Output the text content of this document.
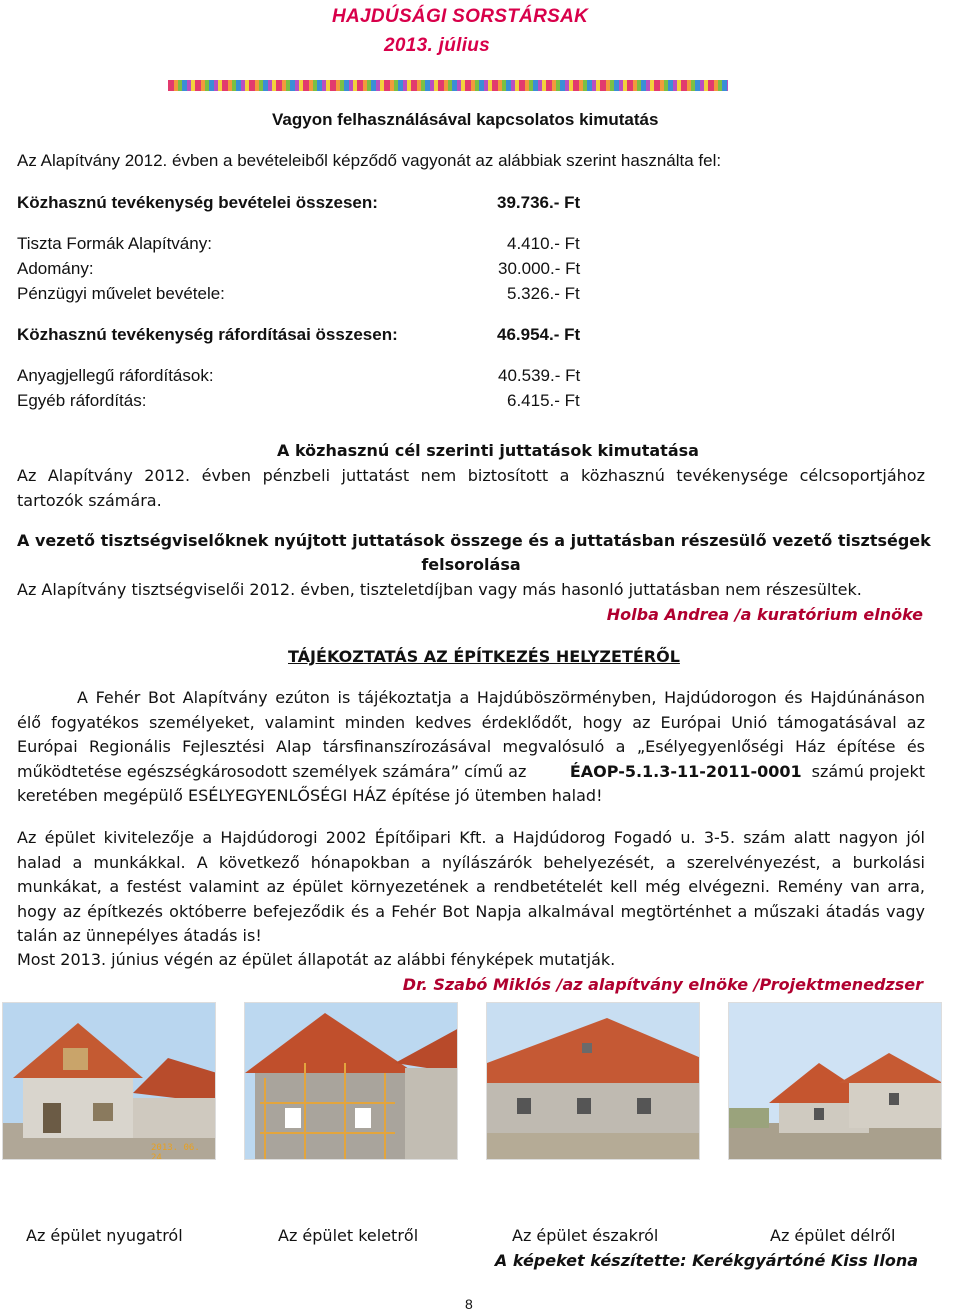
HAJDÚSÁGI SORSTÁRSAK
2013. július
Vagyon felhasználásával kapcsolatos kimutatás
Az Alapítvány 2012. évben a bevételeiből képződő vagyonát az alábbiak szerint használta fel:
Közhasznú tevékenység bevételei összesen:	39.736.- Ft
Tiszta Formák Alapítvány:	4.410.- Ft
Adomány:	30.000.- Ft
Pénzügyi művelet bevétele:	5.326.- Ft
Közhasznú tevékenység ráfordításai összesen:	46.954.- Ft
Anyagjellegű ráfordítások:	40.539.- Ft
Egyéb ráfordítás:	6.415.- Ft
A közhasznú cél szerinti juttatások kimutatása
Az Alapítvány 2012. évben pénzbeli juttatást nem biztosított a közhasznú tevékenysége célcsoportjához
tartozók számára.
A vezető tisztségviselőknek nyújtott juttatások összege és a juttatásban részesülő vezető tisztségek
felsorolása
Az Alapítvány tisztségviselői 2012. évben, tiszteletdíjban vagy más hasonló juttatásban nem részesültek.
Holba Andrea /a kuratórium elnöke
TÁJÉKOZTATÁS AZ ÉPÍTKEZÉS HELYZETÉRŐL
A Fehér Bot Alapítvány ezúton is tájékoztatja a Hajdúböszörményben, Hajdúdorogon és Hajdúnánáson
élő fogyatékos személyeket, valamint minden kedves érdeklődőt, hogy az Európai Unió támogatásával az
Európai Regionális Fejlesztési Alap társfinanszírozásával megvalósuló a „Esélyegyenlőségi Ház építése és
működtetése egészségkárosodott személyek számára” című az	ÉAOP-5.1.3-11-2011-0001 számú projekt
keretében megépülő ESÉLYEGYENLŐSÉGI HÁZ építése jó ütemben halad!
Az épület kivitelezője a Hajdúdorogi 2002 Építőipari Kft. a Hajdúdorog Fogadó u. 3-5. szám alatt nagyon jól
halad a munkákkal. A következő hónapokban a nyílászárók behelyezését, a szerelvényezést, a burkolási
munkákat, a festést valamint az épület környezetének a rendbetételét kell még elvégezni. Remény van arra,
hogy az építkezés októberre befejeződik és a Fehér Bot Napja alkalmával megtörténhet a műszaki átadás vagy
talán az ünnepélyes átadás is!
Most 2013. június végén az épület állapotát az alábbi fényképek mutatják.
Dr. Szabó Miklós /az alapítvány elnöke /Projektmenedzser
2013. 06. 24
Az épület nyugatról	Az épület keletről	Az épület északról	Az épület délről
A képeket készítette: Kerékgyártóné Kiss Ilona
8
